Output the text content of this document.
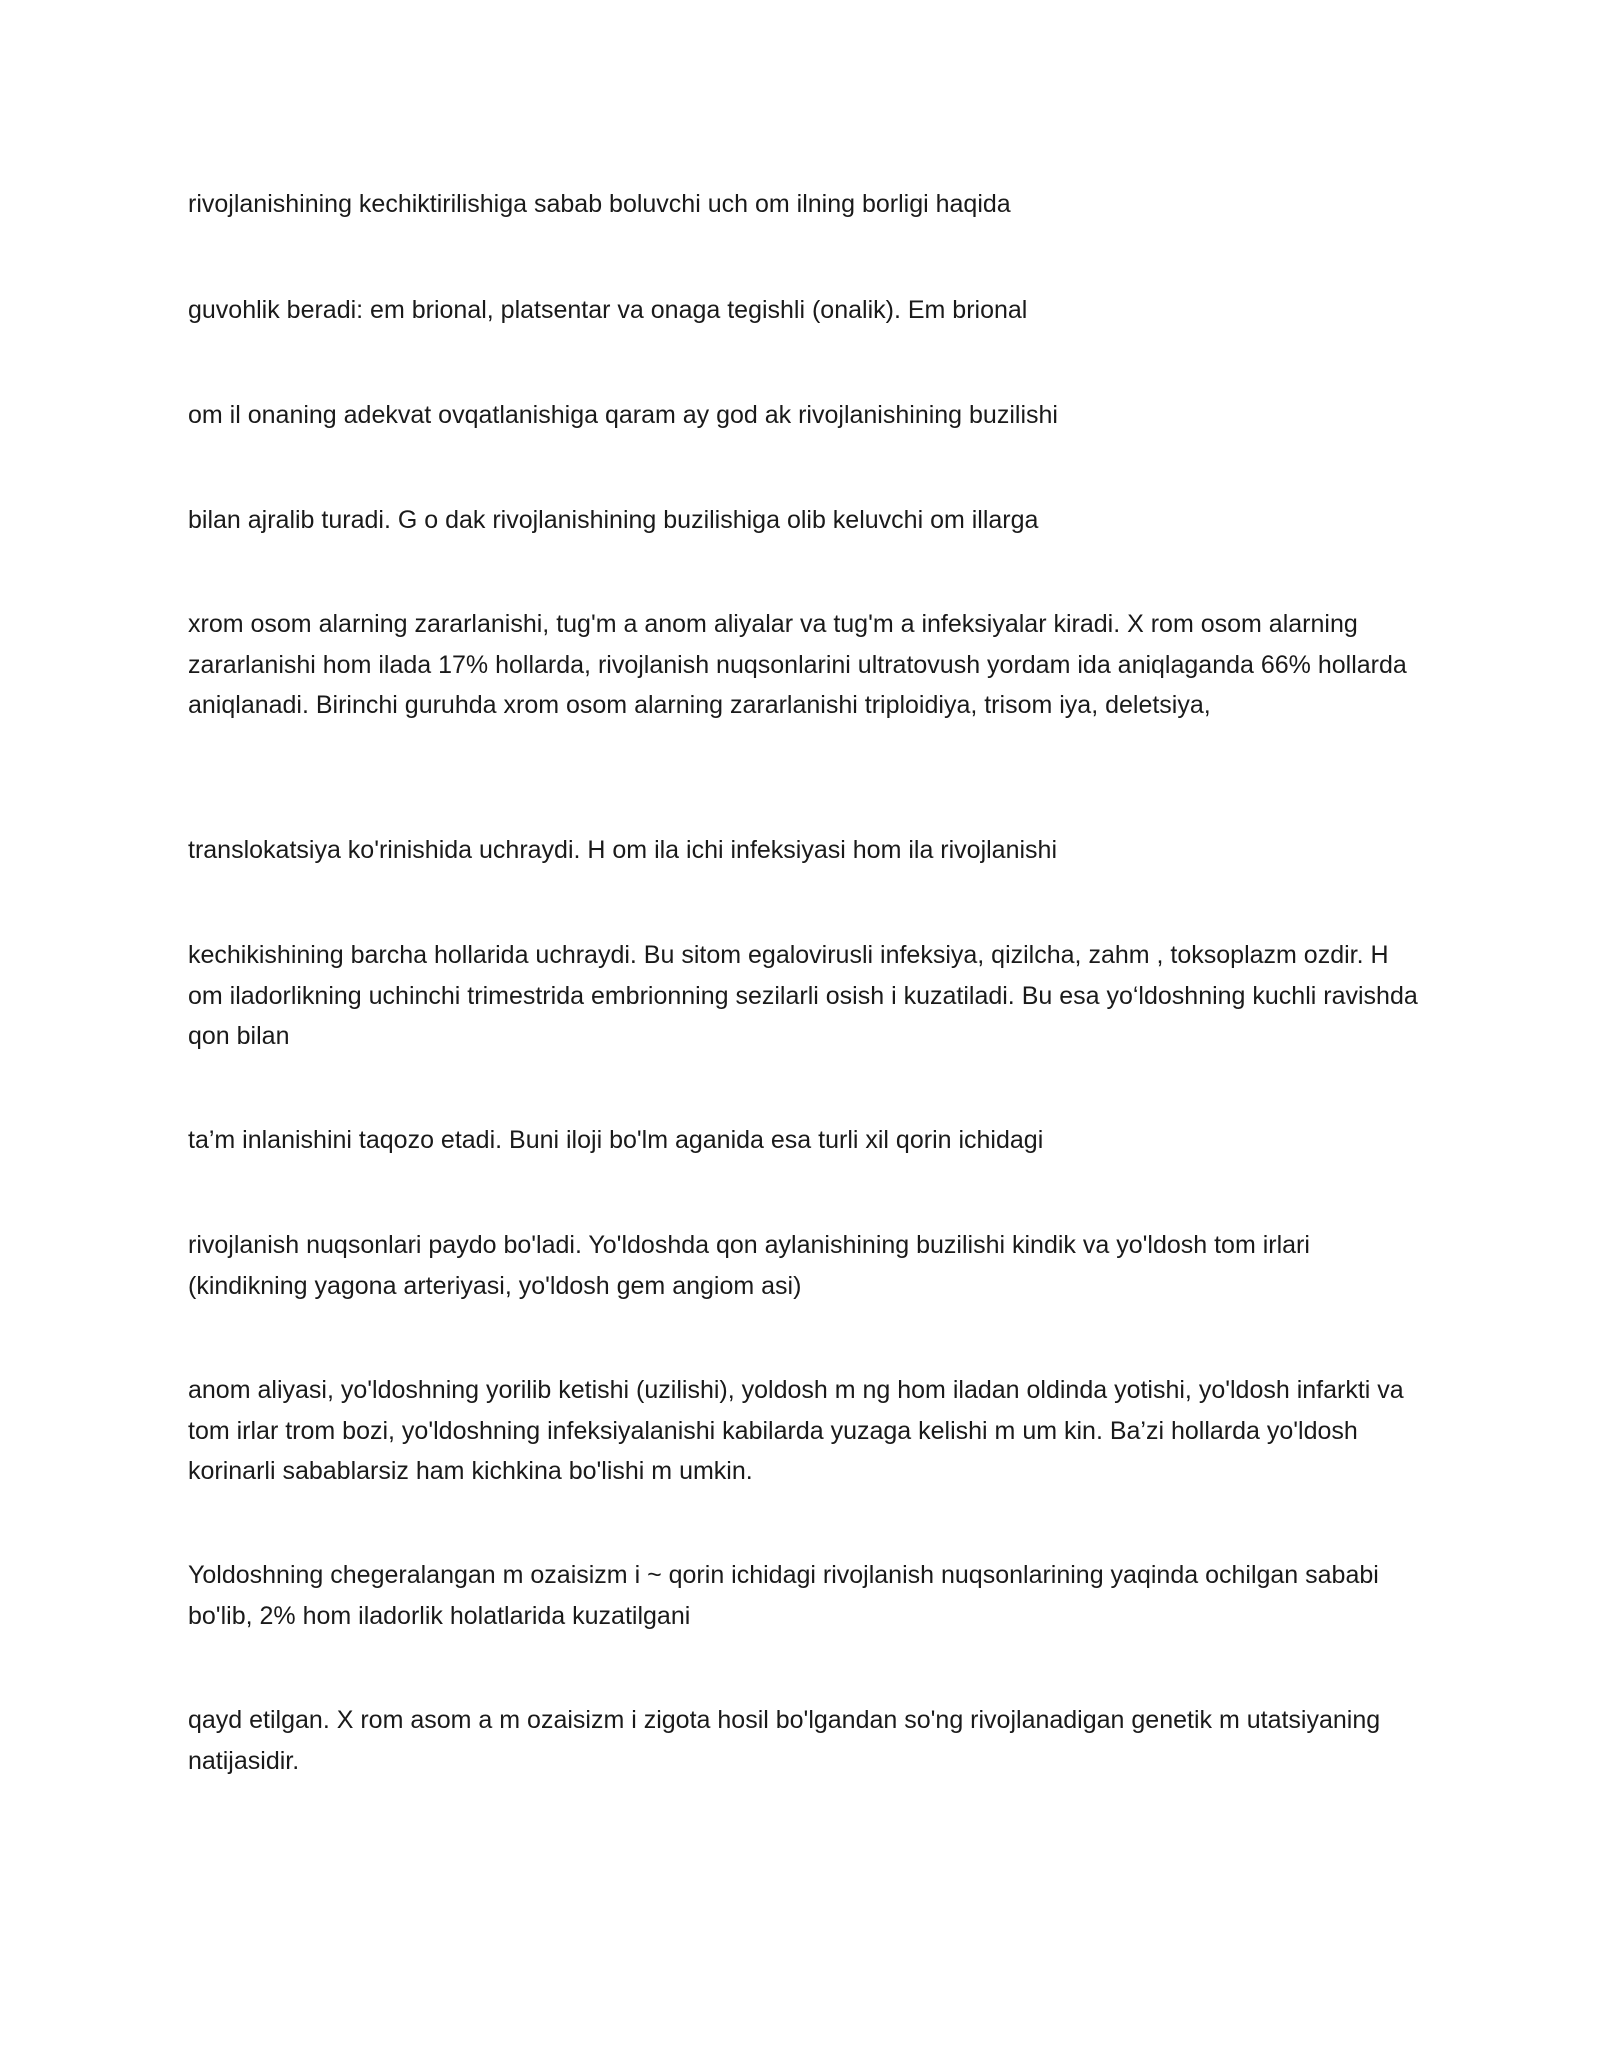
rivojlanishining kechiktirilishiga sabab boluvchi uch om ilning borligi haqida

guvohlik beradi: em brional, platsentar va onaga tegishli (onalik). Em brional

om il onaning adekvat ovqatlanishiga qaram ay god ak rivojlanishining buzilishi

bilan ajralib turadi. G o dak rivojlanishining buzilishiga olib keluvchi om illarga

xrom osom alarning zararlanishi, tug'm a anom aliyalar va tug'm a infeksiyalar kiradi. X rom osom alarning zararlanishi hom ilada 17% hollarda, rivojlanish nuqsonlarini ultratovush yordam ida aniqlaganda 66% hollarda aniqlanadi. Birinchi guruhda xrom osom alarning zararlanishi triploidiya, trisom iya, deletsiya,

translokatsiya ko'rinishida uchraydi. H om ila ichi infeksiyasi hom ila rivojlanishi

kechikishining barcha hollarida uchraydi. Bu sitom egalovirusli infeksiya, qizilcha, zahm , toksoplazm ozdir. H om iladorlikning uchinchi trimestrida embrionning sezilarli osish i kuzatiladi. Bu esa yo‘ldoshning kuchli ravishda qon bilan

ta’m inlanishini taqozo etadi. Buni iloji bo'lm aganida esa turli xil qorin ichidagi

rivojlanish nuqsonlari paydo bo'ladi. Yo'ldoshda qon aylanishining buzilishi kindik va yo'ldosh tom irlari (kindikning yagona arteriyasi, yo'ldosh gem angiom asi)

anom aliyasi, yo'ldoshning yorilib ketishi (uzilishi), yoldosh m ng hom iladan oldinda yotishi, yo'ldosh infarkti va tom irlar trom bozi, yo'ldoshning infeksiyalanishi kabilarda yuzaga kelishi m um kin. Ba’zi hollarda yo'ldosh korinarli sabablarsiz ham kichkina bo'lishi m umkin.

Yoldoshning chegeralangan m ozaisizm i ~ qorin ichidagi rivojlanish nuqsonlarining yaqinda ochilgan sababi bo'lib, 2% hom iladorlik holatlarida kuzatilgani

qayd etilgan. X rom asom a m ozaisizm i zigota hosil bo'lgandan so'ng rivojlanadigan genetik m utatsiyaning natijasidir.
